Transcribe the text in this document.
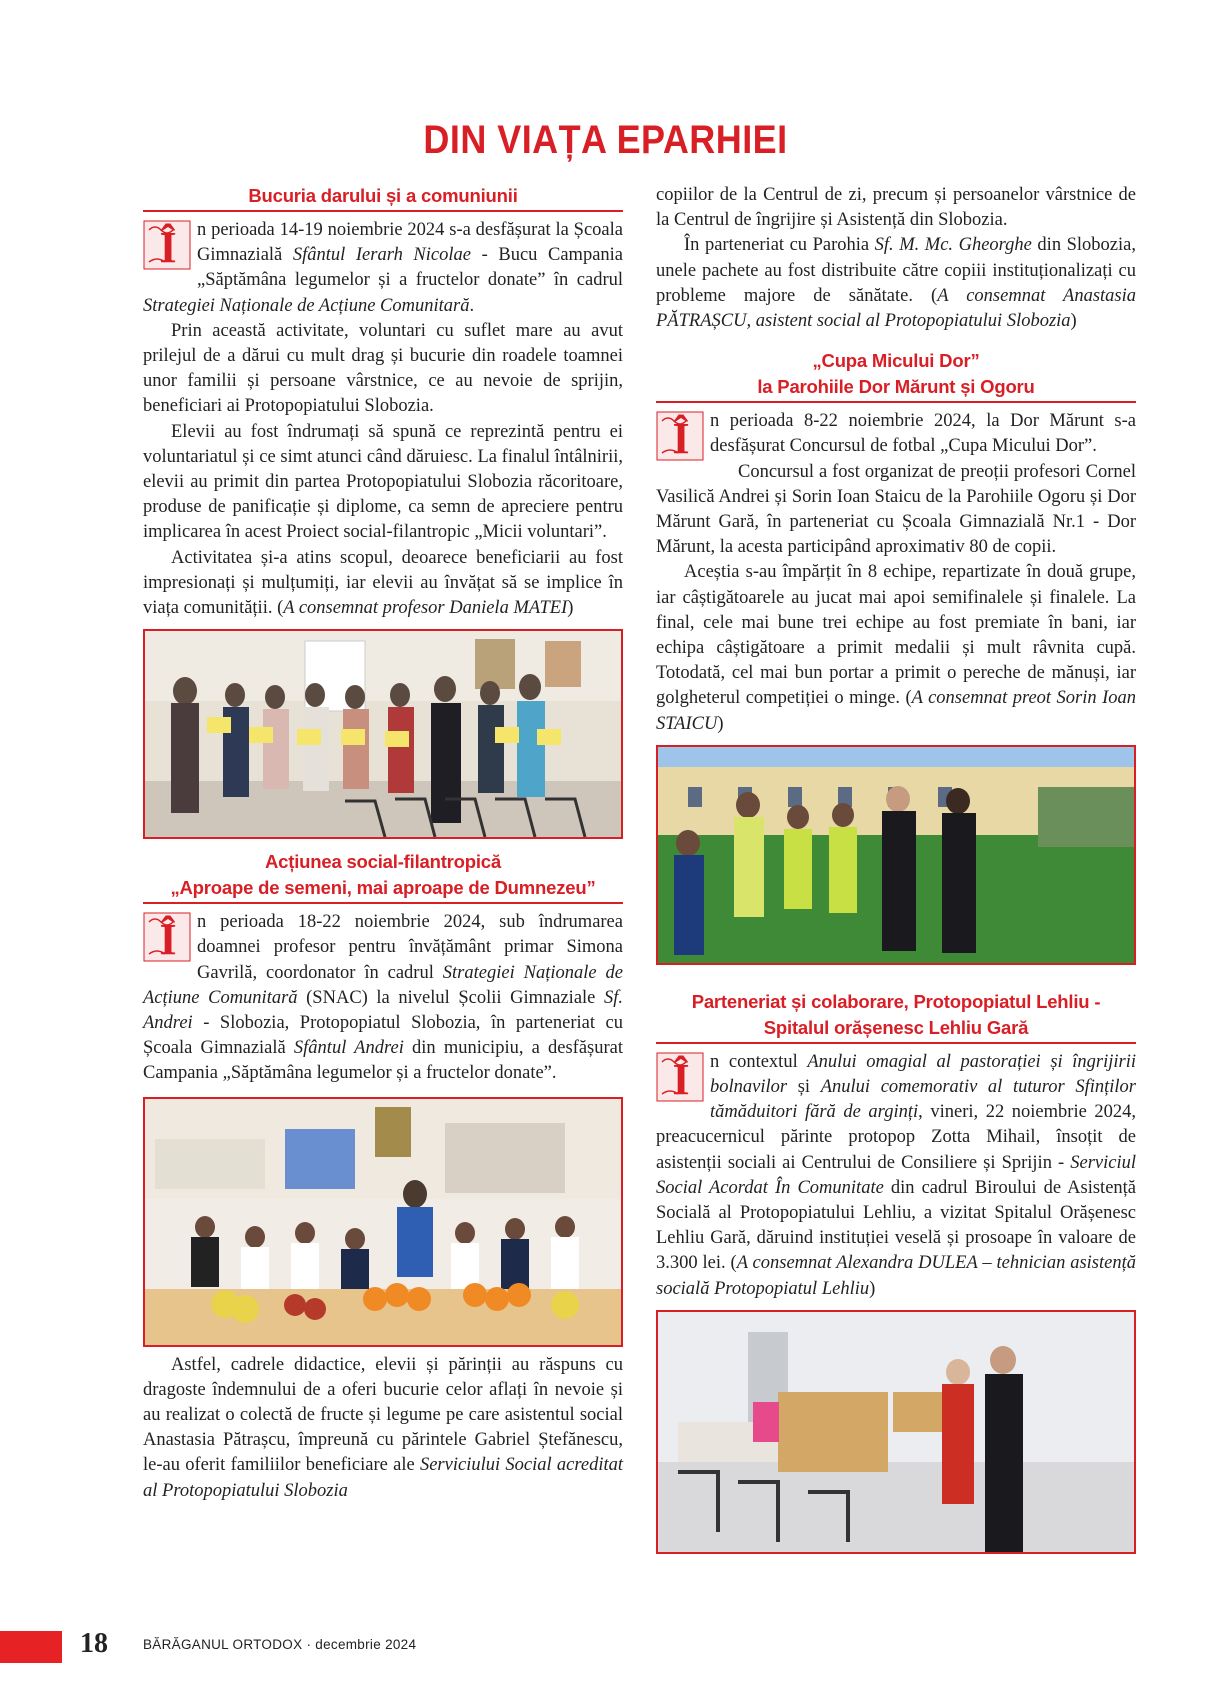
DIN VIAȚA EPARHIEI
Bucuria darului și a comuniunii

Î n perioada 14-19 noiembrie 2024 s-a desfășurat la Școala Gimnazială Sfântul Ierarh Nicolae - Bucu Campania „Săptămâna legumelor și a fructelor donate” în cadrul Strategiei Naționale de Acțiune Comunitară.

Prin această activitate, voluntari cu suflet mare au avut prilejul de a dărui cu mult drag și bucurie din roadele toamnei unor familii și persoane vârstnice, ce au nevoie de sprijin, beneficiari ai Protopopiatului Slobozia.

Elevii au fost îndrumați să spună ce reprezintă pentru ei voluntariatul și ce simt atunci când dăruiesc. La finalul întâlnirii, elevii au primit din partea Protopopiatului Slobozia răcoritoare, produse de panificație și diplome, ca semn de apreciere pentru implicarea în acest Proiect social-filantropic „Micii voluntari”.

Activitatea și-a atins scopul, deoarece beneficiarii au fost impresionați și mulțumiți, iar elevii au învățat să se implice în viața comunității. (A consemnat profesor Daniela MATEI)

Acțiunea social-filantropică
„Aproape de semeni, mai aproape de Dumnezeu”

Î n perioada 18-22 noiembrie 2024, sub îndrumarea doamnei profesor pentru învățământ primar Simona Gavrilă, coordonator în cadrul Strategiei Naționale de Acțiune Comunitară (SNAC) la nivelul Școlii Gimnaziale Sf. Andrei - Slobozia, Protopopiatul Slobozia, în parteneriat cu Școala Gimnazială Sfântul Andrei din municipiu, a desfășurat Campania „Săptămâna legumelor și a fructelor donate”.

Astfel, cadrele didactice, elevii și părinții au răspuns cu dragoste îndemnului de a oferi bucurie celor aflați în nevoie și au realizat o colectă de fructe și legume pe care asistentul social Anastasia Pătrașcu, împreună cu părintele Gabriel Ștefănescu, le-au oferit familiilor beneficiare ale Serviciului Social acreditat al Protopopiatului Slobozia

copiilor de la Centrul de zi, precum și persoanelor vârstnice de la Centrul de îngrijire și Asistență din Slobozia.

În parteneriat cu Parohia Sf. M. Mc. Gheorghe din Slobozia, unele pachete au fost distribuite către copiii instituționalizați cu probleme majore de sănătate. (A consemnat Anastasia PĂTRAȘCU, asistent social al Protopopiatului Slobozia)

„Cupa Micului Dor”
la Parohiile Dor Mărunt și Ogoru

Î n perioada 8-22 noiembrie 2024, la Dor Mărunt s-a desfășurat Concursul de fotbal „Cupa Micului Dor”.

Concursul a fost organizat de preoții profesori Cornel Vasilică Andrei și Sorin Ioan Staicu de la Parohiile Ogoru și Dor Mărunt Gară, în parteneriat cu Școala Gimnazială Nr.1 - Dor Mărunt, la acesta participând aproximativ 80 de copii.

Aceștia s-au împărțit în 8 echipe, repartizate în două grupe, iar câștigătoarele au jucat mai apoi semifinalele și finalele. La final, cele mai bune trei echipe au fost premiate în bani, iar echipa câștigătoare a primit medalii și mult râvnita cupă. Totodată, cel mai bun portar a primit o pereche de mănuși, iar golgheterul competiției o minge. (A consemnat preot Sorin Ioan STAICU)

Parteneriat și colaborare, Protopopiatul Lehliu -
Spitalul orășenesc Lehliu Gară

Î n contextul Anului omagial al pastorației și îngrijirii bolnavilor și Anului comemorativ al tuturor Sfinților tămăduitori fără de arginți, vineri, 22 noiembrie 2024, preacucernicul părinte protopop Zotta Mihail, însoțit de asistenții sociali ai Centrului de Consiliere și Sprijin - Serviciul Social Acordat În Comunitate din cadrul Biroului de Asistență Socială al Protopopiatului Lehliu, a vizitat Spitalul Orășenesc Lehliu Gară, dăruind instituției veselă și prosoape în valoare de 3.300 lei. (A consemnat Alexandra DULEA – tehnician asistență socială Protopopiatul Lehliu)

18	BĂRĂGANUL ORTODOX · decembrie 2024
